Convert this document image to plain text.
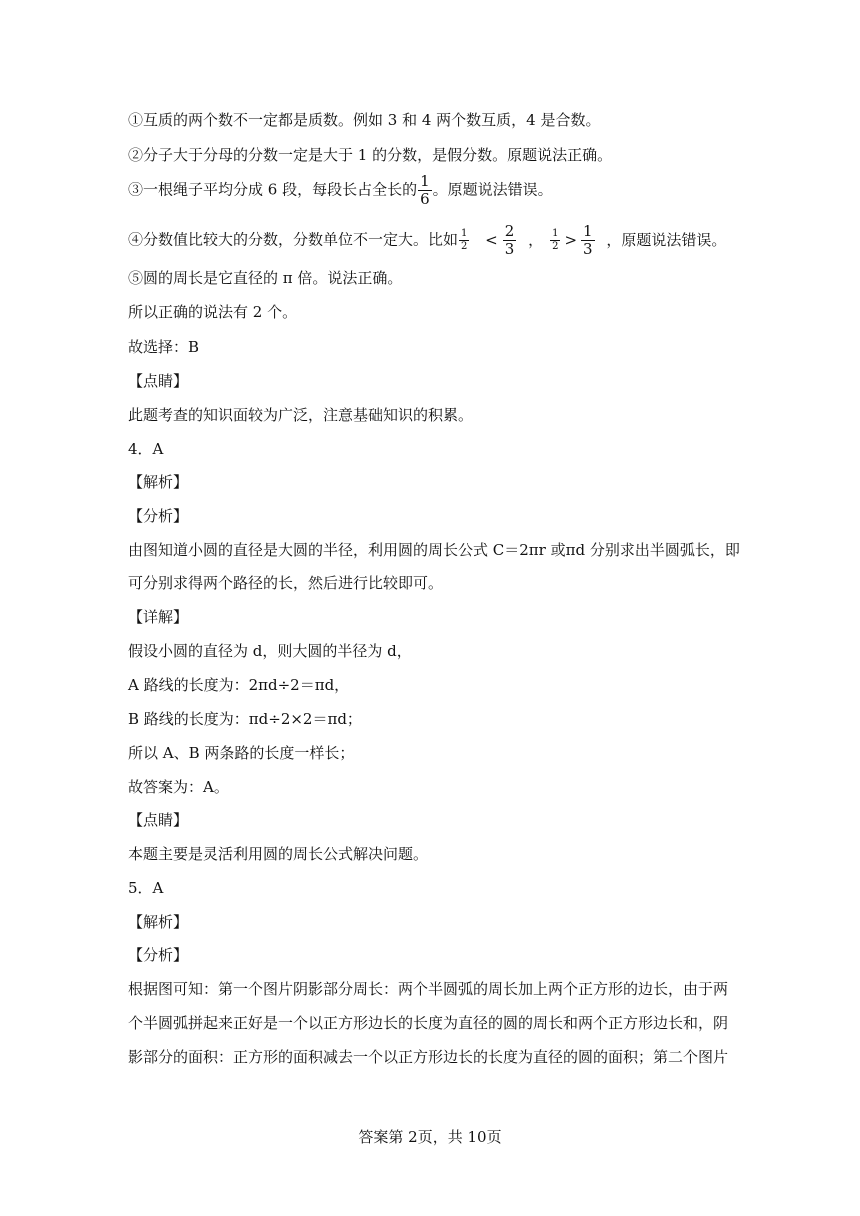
①互质的两个数不一定都是质数。例如 3 和 4 两个数互质，4 是合数。
②分子大于分母的分数一定是大于 1 的分数，是假分数。原题说法正确。
③一根绳子平均分成 6 段，每段长占全长的 $\frac{1}{6}$ 。原题说法错误。
④分数值比较大的分数，分数单位不一定大。比如 $\frac{1}{2} < \frac{2}{3}$ ， $\frac{1}{2} > \frac{1}{3}$ ，原题说法错误。
⑤圆的周长是它直径的 π 倍。说法正确。
所以正确的说法有 2 个。
故选择：B
【点睛】
此题考查的知识面较为广泛，注意基础知识的积累。
4．A
【解析】
【分析】
由图知道小圆的直径是大圆的半径，利用圆的周长公式 C＝2πr 或πd 分别求出半圆弧长，即
可分别求得两个路径的长，然后进行比较即可。
【详解】
假设小圆的直径为 d，则大圆的半径为 d，
A 路线的长度为：2πd÷2＝πd，
B 路线的长度为：πd÷2×2＝πd；
所以 A、B 两条路的长度一样长；
故答案为：A。
【点睛】
本题主要是灵活利用圆的周长公式解决问题。
5．A
【解析】
【分析】
根据图可知：第一个图片阴影部分周长：两个半圆弧的周长加上两个正方形的边长，由于两
个半圆弧拼起来正好是一个以正方形边长的长度为直径的圆的周长和两个正方形边长和，阴
影部分的面积：正方形的面积减去一个以正方形边长的长度为直径的圆的面积；第二个图片
答案第 2页，共 10页
